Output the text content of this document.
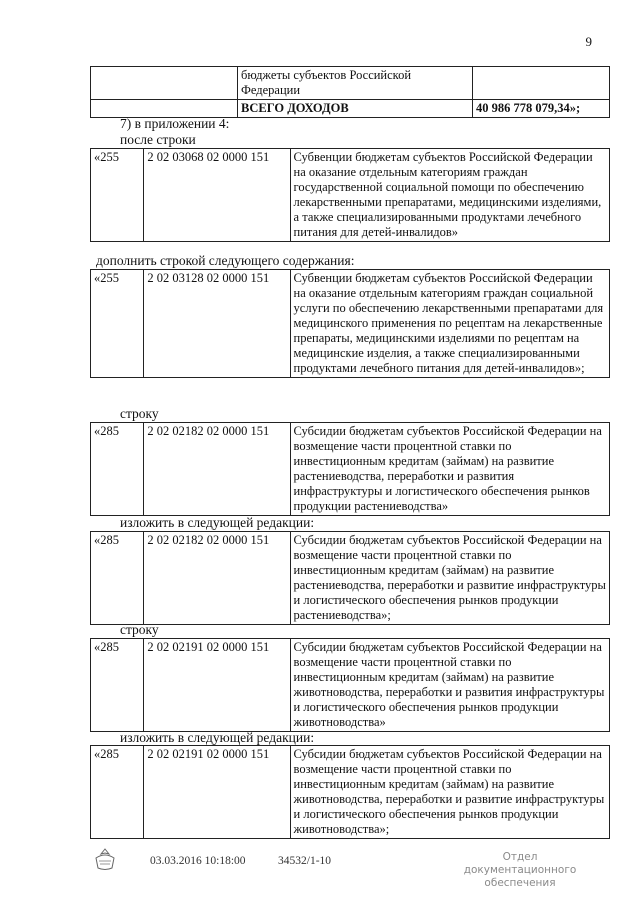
9
	бюджеты субъектов Российской Федерации	
	ВСЕГО ДОХОДОВ	40 986 778 079,34»;
7) в приложении 4:
после строки
«255	2 02 03068 02 0000 151	Субвенции бюджетам субъектов Российской Федерации на оказание отдельным категориям граждан государственной социальной помощи по обеспечению лекарственными препаратами, медицинскими изделиями, а также специализированными продуктами лечебного питания для детей-инвалидов»
дополнить строкой следующего содержания:
«255	2 02 03128 02 0000 151	Субвенции бюджетам субъектов Российской Федерации на оказание отдельным категориям граждан социальной услуги по обеспечению лекарственными препаратами для медицинского применения по рецептам на лекарственные препараты, медицинскими изделиями по рецептам на медицинские изделия, а также специализированными продуктами лечебного питания для детей-инвалидов»;
строку
«285	2 02 02182 02 0000 151	Субсидии бюджетам субъектов Российской Федерации на возмещение части процентной ставки по инвестиционным кредитам (займам) на развитие растениеводства, переработки и развития инфраструктуры и логистического обеспечения рынков продукции растениеводства»
изложить в следующей редакции:
«285	2 02 02182 02 0000 151	Субсидии бюджетам субъектов Российской Федерации на возмещение части процентной ставки по инвестиционным кредитам (займам) на развитие растениеводства, переработки и развитие инфраструктуры и логистического обеспечения рынков продукции растениеводства»;
строку
«285	2 02 02191 02 0000 151	Субсидии бюджетам субъектов Российской Федерации на возмещение части процентной ставки по инвестиционным кредитам (займам) на развитие животноводства, переработки и развития инфраструктуры и логистического обеспечения рынков продукции животноводства»
изложить в следующей редакции:
«285	2 02 02191 02 0000 151	Субсидии бюджетам субъектов Российской Федерации на возмещение части процентной ставки по инвестиционным кредитам (займам) на развитие животноводства, переработки и развитие инфраструктуры и логистического обеспечения рынков продукции животноводства»;
03.03.2016 10:18:00	34532/1-10	Отдел документационного
обеспечения
